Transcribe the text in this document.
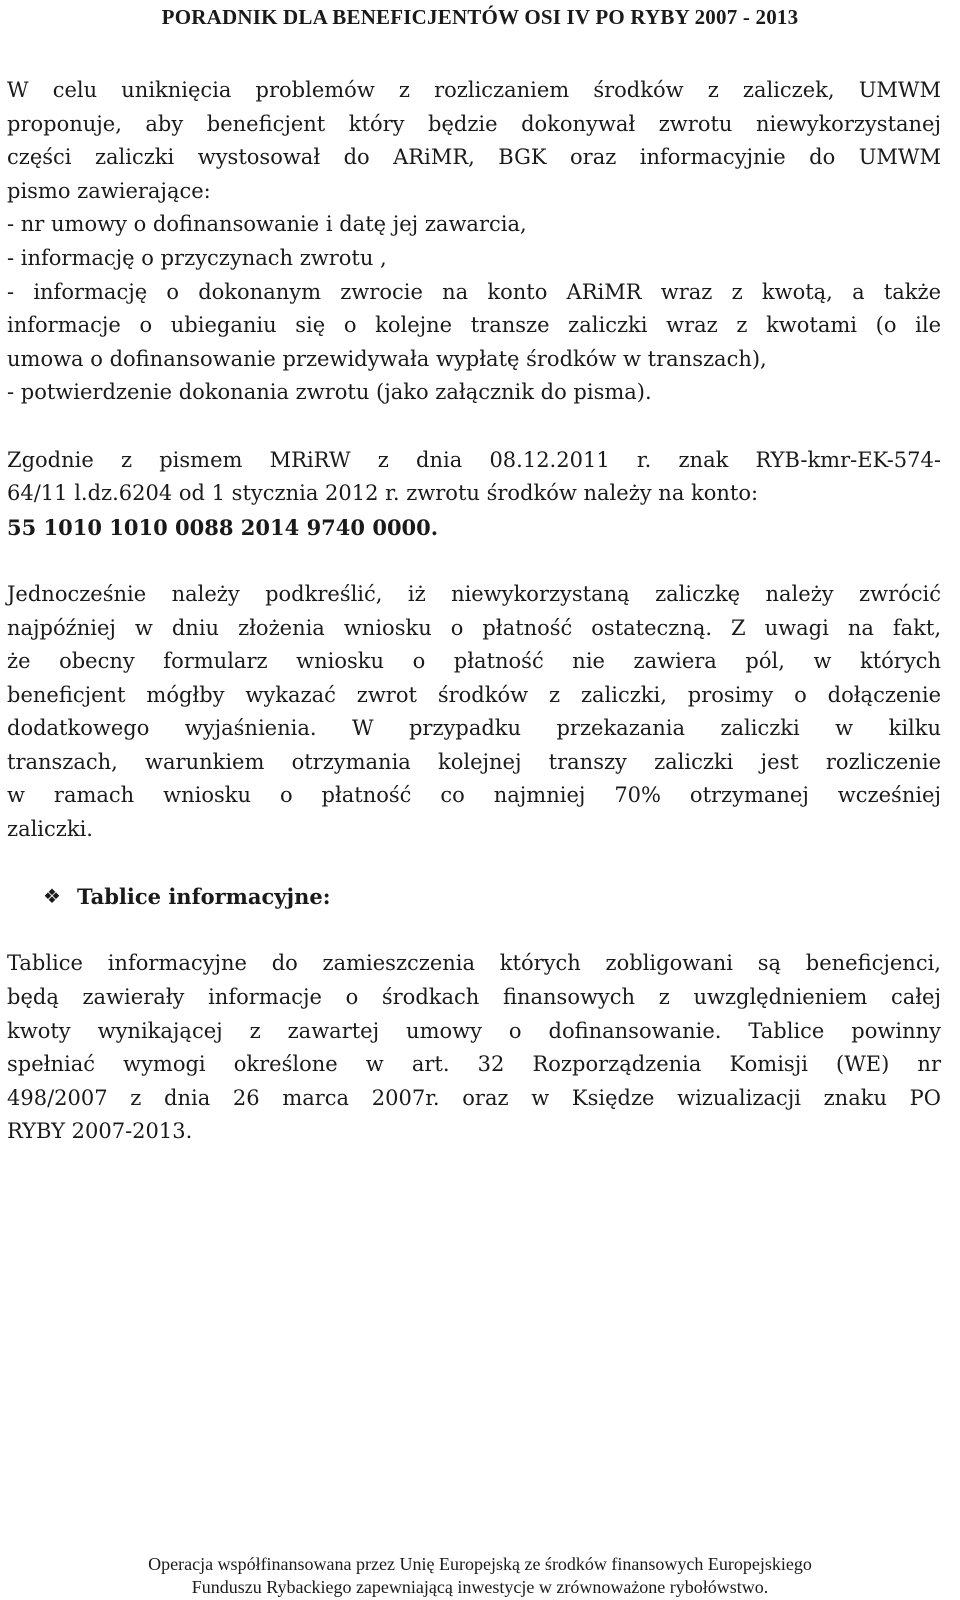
PORADNIK DLA BENEFICJENTÓW OSI IV PO RYBY 2007 - 2013

W celu uniknięcia problemów z rozliczaniem środków z zaliczek, UMWM
proponuje, aby beneficjent który będzie dokonywał zwrotu niewykorzystanej
części zaliczki wystosował do ARiMR, BGK oraz informacyjnie do UMWM
pismo zawierające:

- nr umowy o dofinansowanie i datę jej zawarcia,
- informację o przyczynach zwrotu ,
- informację o dokonanym zwrocie na konto ARiMR wraz z kwotą, a także
informacje o ubieganiu się o kolejne transze zaliczki wraz z kwotami (o ile
umowa o dofinansowanie przewidywała wypłatę środków w transzach),
- potwierdzenie dokonania zwrotu (jako załącznik do pisma).

Zgodnie z pismem MRiRW z dnia 08.12.2011 r. znak RYB-kmr-EK-574-
64/11 l.dz.6204 od 1 stycznia 2012 r. zwrotu środków należy na konto:
55 1010 1010 0088 2014 9740 0000.

Jednocześnie należy podkreślić, iż niewykorzystaną zaliczkę należy zwrócić
najpóźniej w dniu złożenia wniosku o płatność ostateczną. Z uwagi na fakt,
że obecny formularz wniosku o płatność nie zawiera pól, w których
beneficjent mógłby wykazać zwrot środków z zaliczki, prosimy o dołączenie
dodatkowego wyjaśnienia. W przypadku przekazania zaliczki w kilku
transzach, warunkiem otrzymania kolejnej transzy zaliczki jest rozliczenie
w ramach wniosku o płatność co najmniej 70% otrzymanej wcześniej
zaliczki.

❖ Tablice informacyjne:

Tablice informacyjne do zamieszczenia których zobligowani są beneficjenci,
będą zawierały informacje o środkach finansowych z uwzględnieniem całej
kwoty wynikającej z zawartej umowy o dofinansowanie. Tablice powinny
spełniać wymogi określone w art. 32 Rozporządzenia Komisji (WE) nr
498/2007 z dnia 26 marca 2007r. oraz w Księdze wizualizacji znaku PO
RYBY 2007-2013.

Operacja współfinansowana przez Unię Europejską ze środków finansowych Europejskiego
Funduszu Rybackiego zapewniającą inwestycje w zrównoważone rybołówstwo.
